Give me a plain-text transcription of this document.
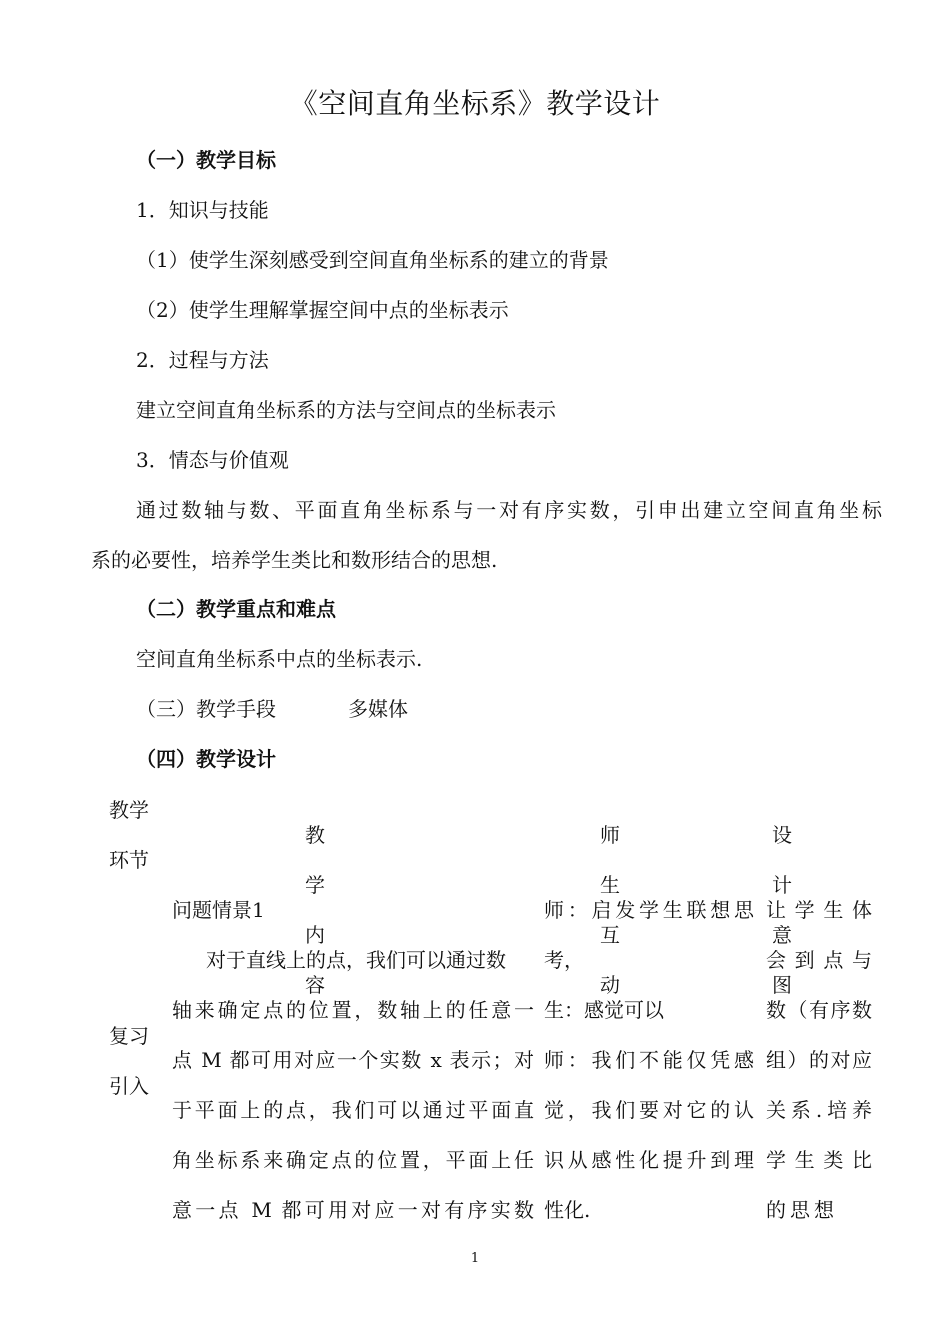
《空间直角坐标系》教学设计
（一）教学目标
1．知识与技能
（1）使学生深刻感受到空间直角坐标系的建立的背景
（2）使学生理解掌握空间中点的坐标表示
2．过程与方法
建立空间直角坐标系的方法与空间点的坐标表示
3．情态与价值观
通过数轴与数、平面直角坐标系与一对有序实数，引申出建立空间直角坐标
系的必要性，培养学生类比和数形结合的思想.
（二）教学重点和难点
空间直角坐标系中点的坐标表示.
（三）教学手段	多媒体
（四）教学设计
教学
环节
教学内容
师生互动
设计意图
复习
引入
问题情景1
对于直线上的点，我们可以通过数
轴来确定点的位置，数轴上的任意一
点 M 都可用对应一个实数 x 表示；对
于平面上的点，我们可以通过平面直
角坐标系来确定点的位置，平面上任
意一点 M 都可用对应一对有序实数
师：启发学生联想思
考，
生：感觉可以
师：我们不能仅凭感
觉，我们要对它的认
识从感性化提升到理
性化.
让学生体
会到点与
数（有序数
组）的对应
关系.培养
学生类比
的思想
1
